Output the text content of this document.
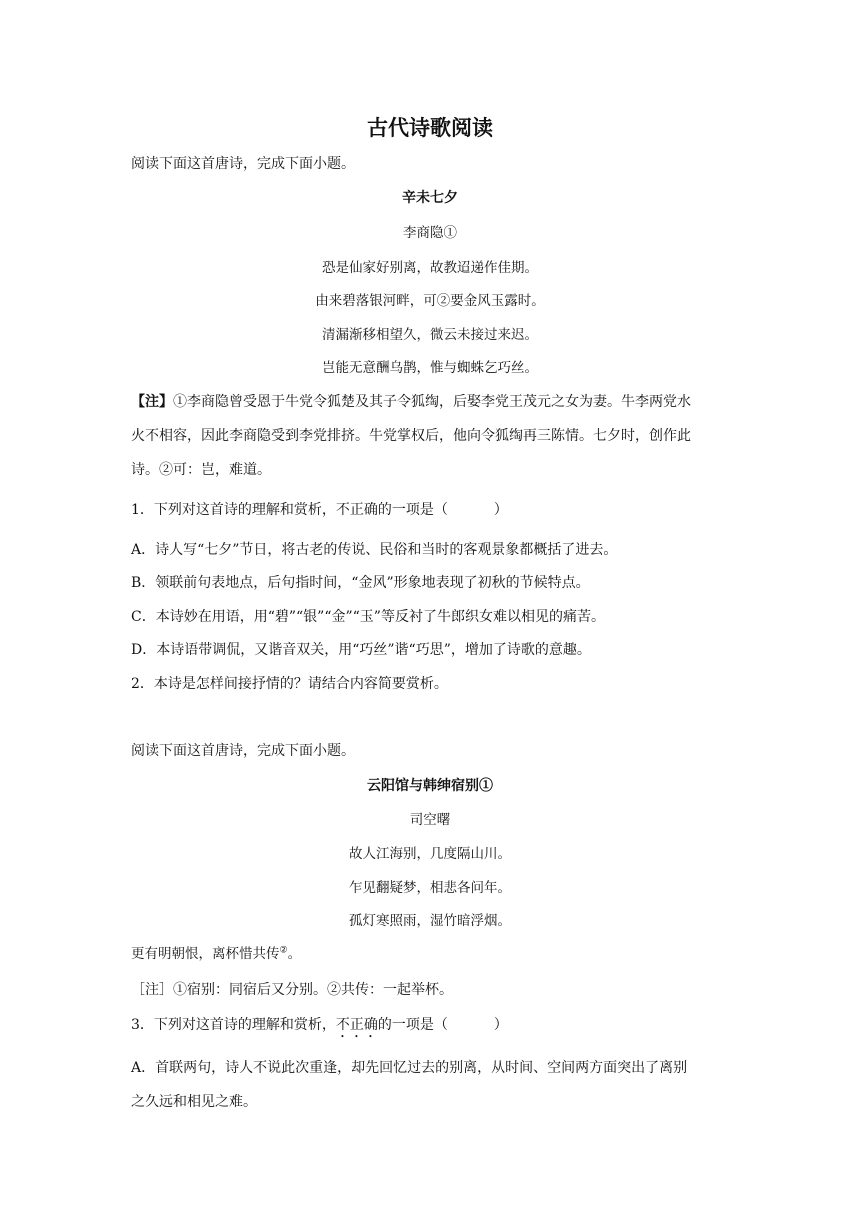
古代诗歌阅读
阅读下面这首唐诗，完成下面小题。
辛未七夕
李商隐①
恐是仙家好别离，故教迢递作佳期。
由来碧落银河畔，可②要金风玉露时。
清漏渐移相望久，微云未接过来迟。
岂能无意酬乌鹊，惟与蜘蛛乞巧丝。
【注】①李商隐曾受恩于牛党令狐楚及其子令狐绹，后娶李党王茂元之女为妻。牛李两党水
火不相容，因此李商隐受到李党排挤。牛党掌权后，他向令狐绹再三陈情。七夕时，创作此
诗。②可：岂，难道。
1．下列对这首诗的理解和赏析，不正确的一项是（	）
A．诗人写“七夕”节日，将古老的传说、民俗和当时的客观景象都概括了进去。
B．领联前句表地点，后句指时间，“金风”形象地表现了初秋的节候特点。
C．本诗妙在用语，用“碧”“银”“金”“玉”等反衬了牛郎织女难以相见的痛苦。
D．本诗语带调侃，又谐音双关，用“巧丝”谐“巧思”，增加了诗歌的意趣。
2．本诗是怎样间接抒情的？请结合内容简要赏析。
阅读下面这首唐诗，完成下面小题。
云阳馆与韩绅宿别①
司空曙
故人江海别，几度隔山川。
乍见翻疑梦，相悲各问年。
孤灯寒照雨，湿竹暗浮烟。
更有明朝恨，离杯惜共传②。
［注］①宿别：同宿后又分别。②共传：一起举杯。
3．下列对这首诗的理解和赏析，不正确的一项是（	）
A．首联两句，诗人不说此次重逢，却先回忆过去的别离，从时间、空间两方面突出了离别
之久远和相见之难。
